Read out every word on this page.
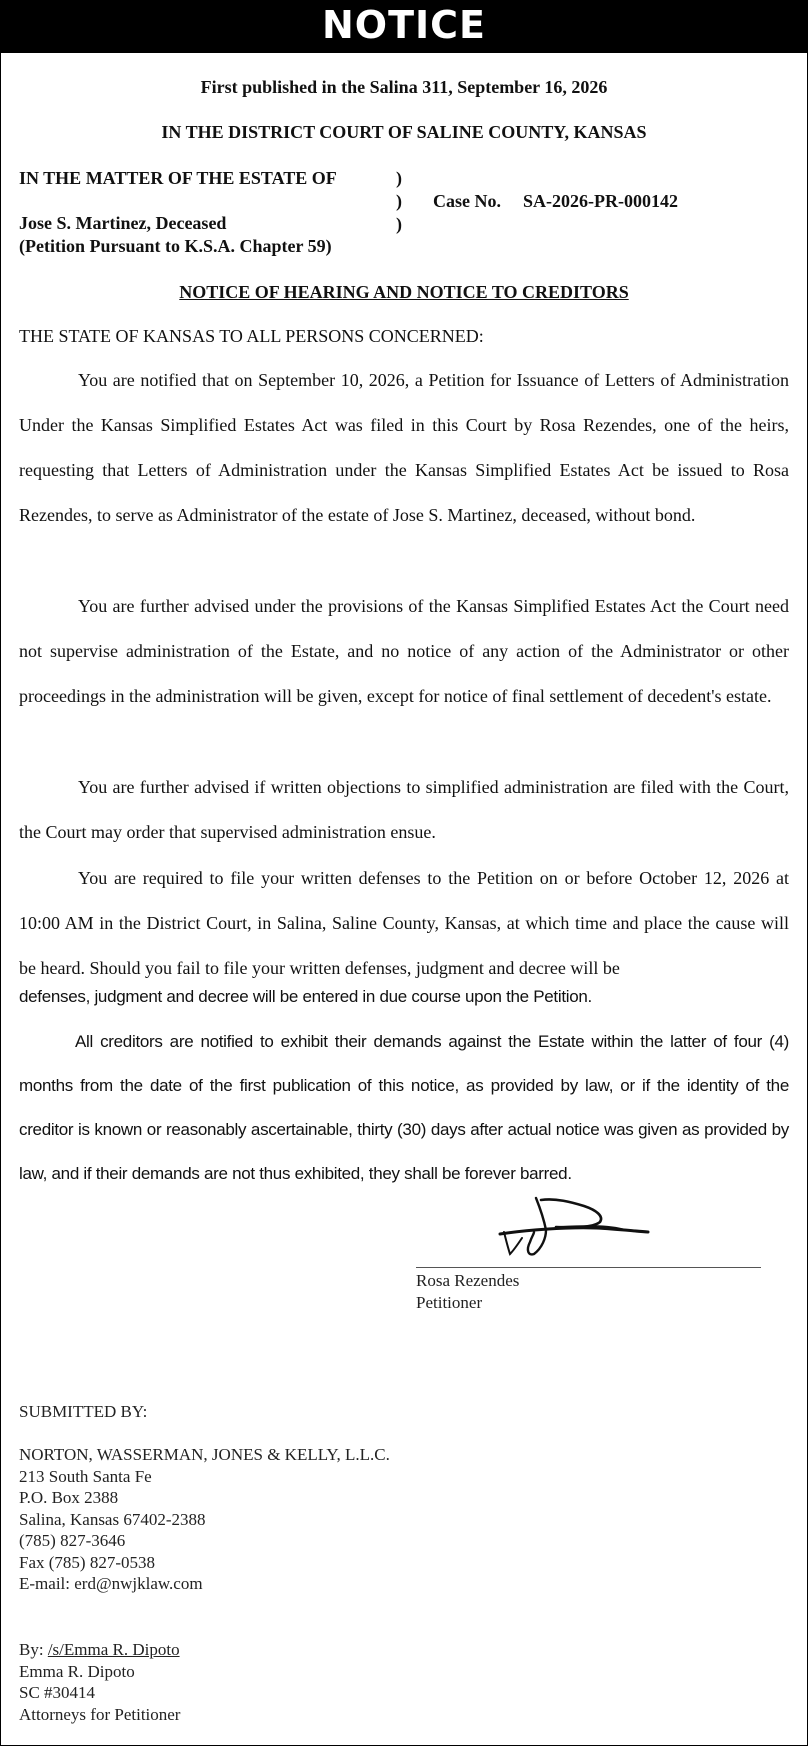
NOTICE
First published in the Salina 311, September 16, 2026
IN THE DISTRICT COURT OF SALINE COUNTY, KANSAS
IN THE MATTER OF THE ESTATE OF
Jose S. Martinez, Deceased
(Petition Pursuant to K.S.A. Chapter 59)
)
)
)
Case No. SA-2026-PR-000142
NOTICE OF HEARING AND NOTICE TO CREDITORS
THE STATE OF KANSAS TO ALL PERSONS CONCERNED:
You are notified that on September 10, 2026, a Petition for Issuance of Letters of Administration Under the Kansas Simplified Estates Act was filed in this Court by Rosa Rezendes, one of the heirs, requesting that Letters of Administration under the Kansas Simplified Estates Act be issued to Rosa Rezendes, to serve as Administrator of the estate of Jose S. Martinez, deceased, without bond.
You are further advised under the provisions of the Kansas Simplified Estates Act the Court need not supervise administration of the Estate, and no notice of any action of the Administrator or other proceedings in the administration will be given, except for notice of final settlement of decedent's estate.
You are further advised if written objections to simplified administration are filed with the Court, the Court may order that supervised administration ensue.
You are required to file your written defenses to the Petition on or before October 12, 2026 at 10:00 AM in the District Court, in Salina, Saline County, Kansas, at which time and place the cause will be heard. Should you fail to file your written defenses, judgment and decree will be
defenses, judgment and decree will be entered in due course upon the Petition.
All creditors are notified to exhibit their demands against the Estate within the latter of four (4) months from the date of the first publication of this notice, as provided by law, or if the identity of the creditor is known or reasonably ascertainable, thirty (30) days after actual notice was given as provided by law, and if their demands are not thus exhibited, they shall be forever barred.
Rosa Rezendes
Petitioner
SUBMITTED BY:
NORTON, WASSERMAN, JONES & KELLY, L.L.C.
213 South Santa Fe
P.O. Box 2388
Salina, Kansas 67402-2388
(785) 827-3646
Fax (785) 827-0538
E-mail: erd@nwjklaw.com
By: /s/Emma R. Dipoto
Emma R. Dipoto
SC #30414
Attorneys for Petitioner
